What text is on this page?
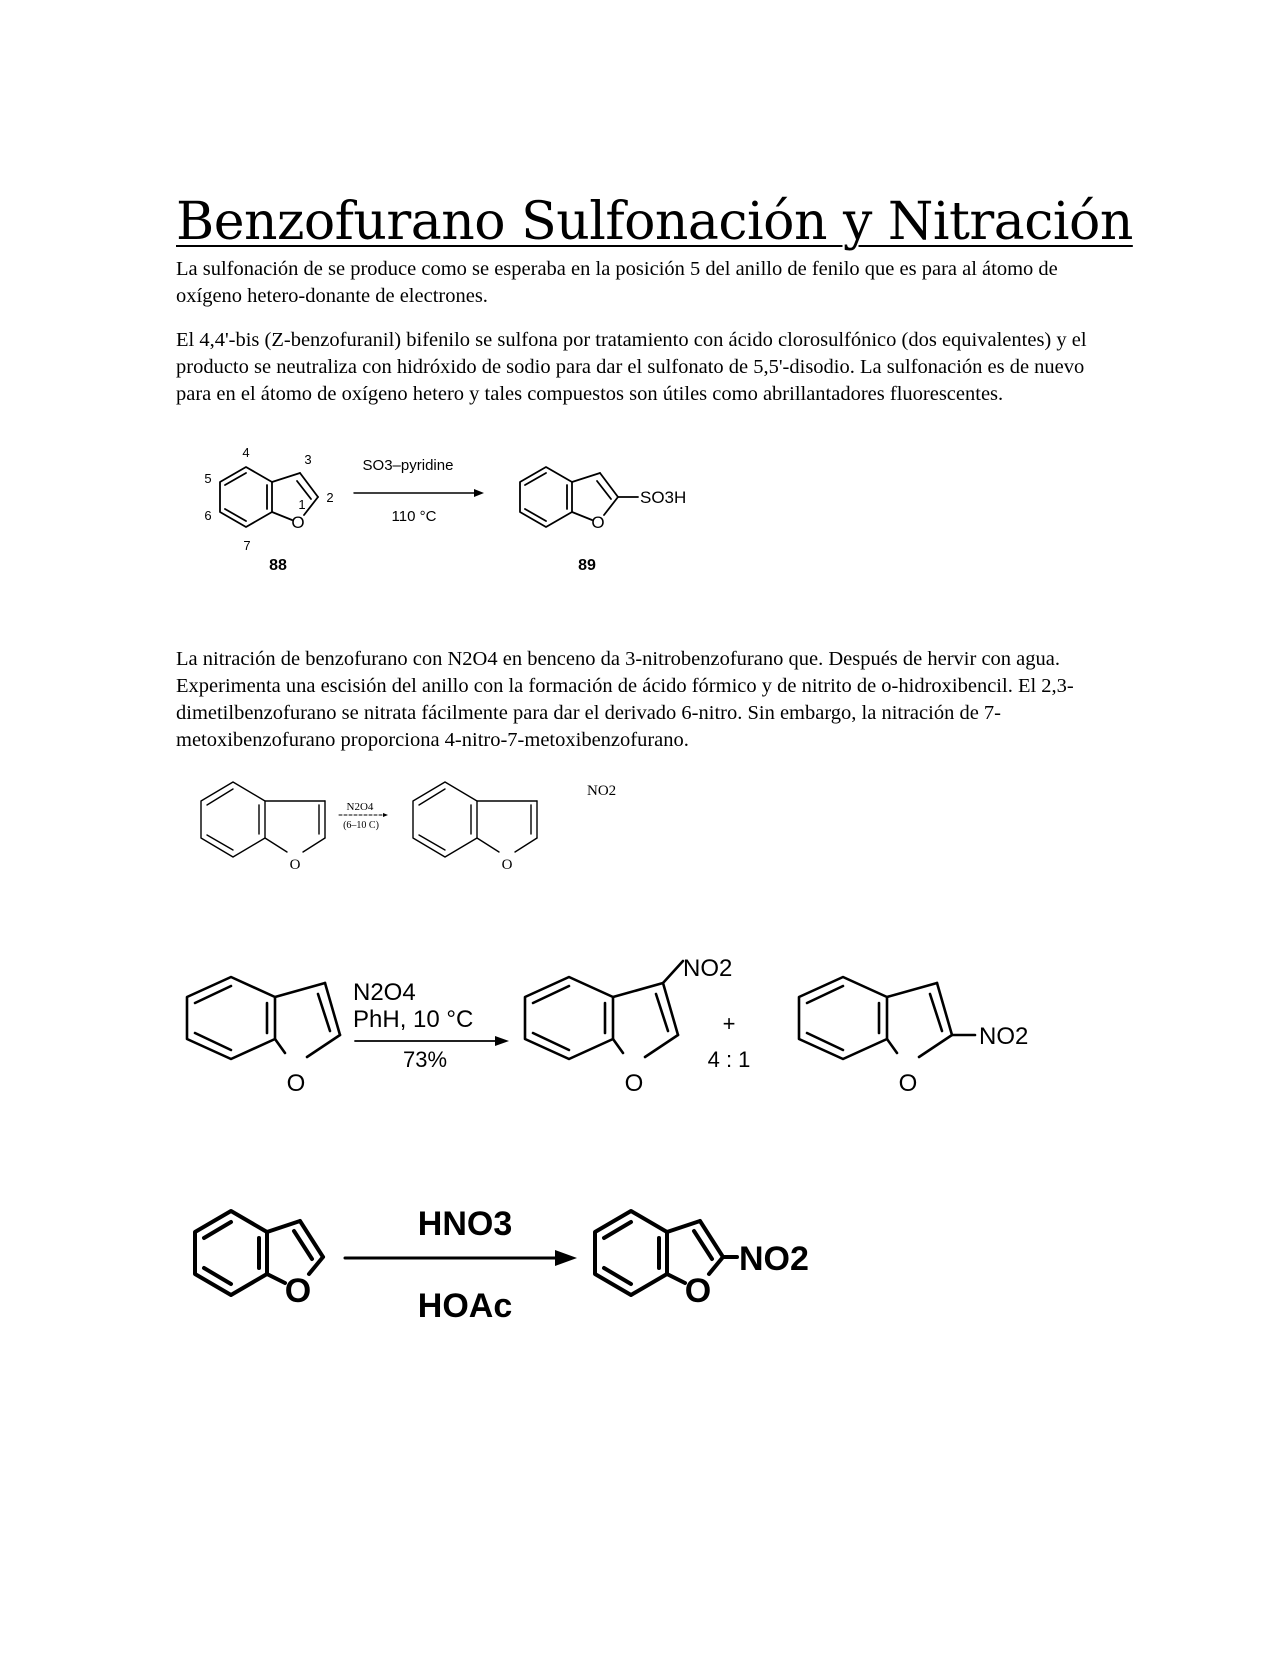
Benzofurano Sulfonación y Nitración

La sulfonación de se produce como se esperaba en la posición 5 del anillo de fenilo que es para al átomo de oxígeno hetero-donante de electrones.

El 4,4'-bis (Z-benzofuranil) bifenilo se sulfona por tratamiento con ácido clorosulfónico (dos equivalentes) y el producto se neutraliza con hidróxido de sodio para dar el sulfonato de 5,5'-disodio. La sulfonación es de nuevo para en el átomo de oxígeno hetero y tales compuestos son útiles como abrillantadores fluorescentes.

La nitración de benzofurano con N2O4 en benceno da 3-nitrobenzofurano que. Después de hervir con agua. Experimenta una escisión del anillo con la formación de ácido fórmico y de nitrito de o-hidroxibencil. El 2,3-dimetilbenzofurano se nitrata fácilmente para dar el derivado 6-nitro. Sin embargo, la nitración de 7-metoxibenzofurano proporciona 4-nitro-7-metoxibenzofurano.

O
1 2
3
4
5
6
7
88
SO3–pyridine
110 °C	O
SO3H
89
O
N2O4
(6–10 C)
O
NO2
O
N2O4
PhH, 10 °C
73%
O
NO2
+
4 : 1
O
NO2
O
HNO3
HOAc	O
NO2
